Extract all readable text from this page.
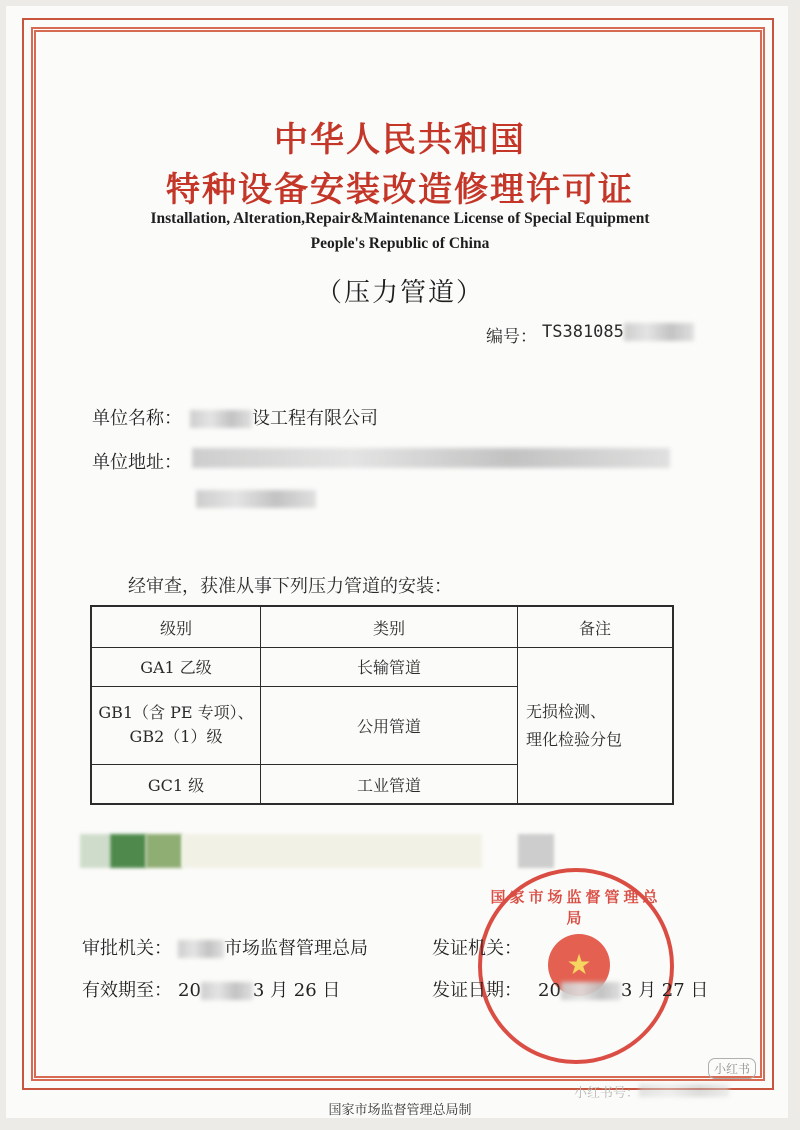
中华人民共和国
特种设备安装改造修理许可证
Installation, Alteration,Repair&Maintenance License of Special Equipment
People's Republic of China
（压力管道）
编号： TS381085
单位名称：	设工程有限公司
单位地址：
经审查，获准从事下列压力管道的安装：
级别	类别	备注
GA1 乙级	长输管道	无损检测、
理化检验分包

GB1（含 PE 专项）、
GB2（1）级	公用管道	
GC1 级	工业管道	
国家市场监督管理总局
★
审批机关：	市场监督管理总局
有效期至： 20	3 月 26 日
发证机关：
发证日期： 20	3 月 27 日
小红书
小红书号：
国家市场监督管理总局制
